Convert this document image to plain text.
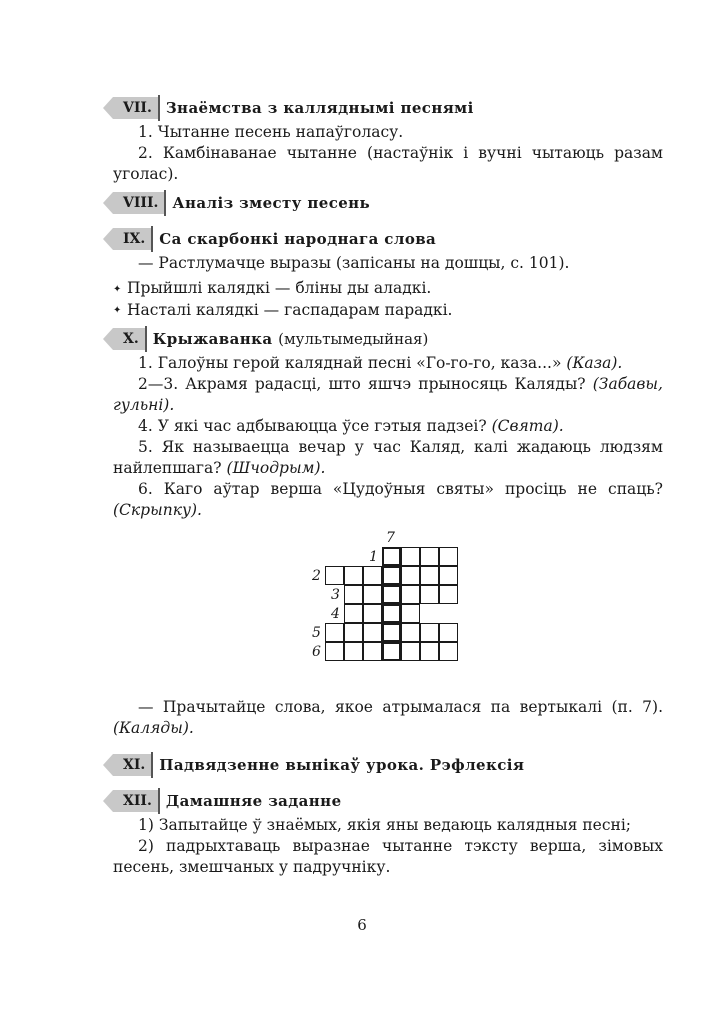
VII. Знаёмства з калляднымі песнямі

1. Чытанне песень напаўголасу.

2. Камбінаванае чытанне (настаўнік і вучні чытаюць разам уголас).

VIII. Аналіз зместу песень
IX. Са скарбонкі народнага слова

— Растлумачце выразы (запісаны на дошцы, с. 101).

✦ Прыйшлі калядкі — бліны ды аладкі.

✦ Насталі калядкі — гаспадарам парадкі.

X. Крыжаванка (мультымедыйная)

1. Галоўны герой каляднай песні «Го-го-го, каза...» (Каза).

2—3. Акрамя радасці, што яшчэ прыносяць Каляды? (Забавы, гульні).

4. У які час адбываюцца ўсе гэтыя падзеі? (Свята).

5. Як называецца вечар у час Каляд, калі жадаюць людзям найлепшага? (Шчодрым).

6. Каго аўтар верша «Цудоўныя святы» просіць не спаць? (Скрыпку).

7
1
2
3
4
5
6

— Прачытайце слова, якое атрымалася па вертыкалі (п. 7). (Каляды).

XI. Падвядзенне вынікаў урока. Рэфлексія
XII. Дамашняе заданне

1) Запытайце ў знаёмых, якія яны ведаюць калядныя песні;

2) падрыхтаваць выразнае чытанне тэксту верша, зімовых песень, змешчаных у падручніку.

6
